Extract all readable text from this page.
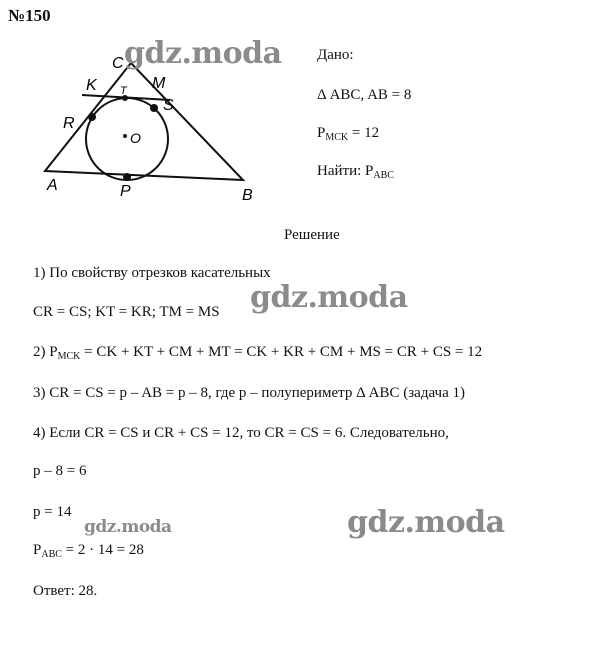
№150
C
K T M
S
R
O
A	P	B
gdz.moda
gdz.moda
gdz.moda	gdz.moda
Дано:
Δ ABC, AB = 8
$P_{MCK} = 12$
Найти: $P_{ABC}$
Решение
1) По свойству отрезков касательных
CR = CS; KT = KR; TM = MS
2) $P_{MCK}$ = CK + KT + CM + MT = CK + KR + CM + MS = CR + CS = 12
3) CR = CS = p – AB = p – 8, где p – полупериметр Δ ABC (задача 1)
4) Если CR = CS и CR + CS = 12, то CR = CS = 6. Следовательно,
p – 8 = 6
p = 14
$P_{ABC} = 2 \cdot 14 = 28$
Ответ: 28.
